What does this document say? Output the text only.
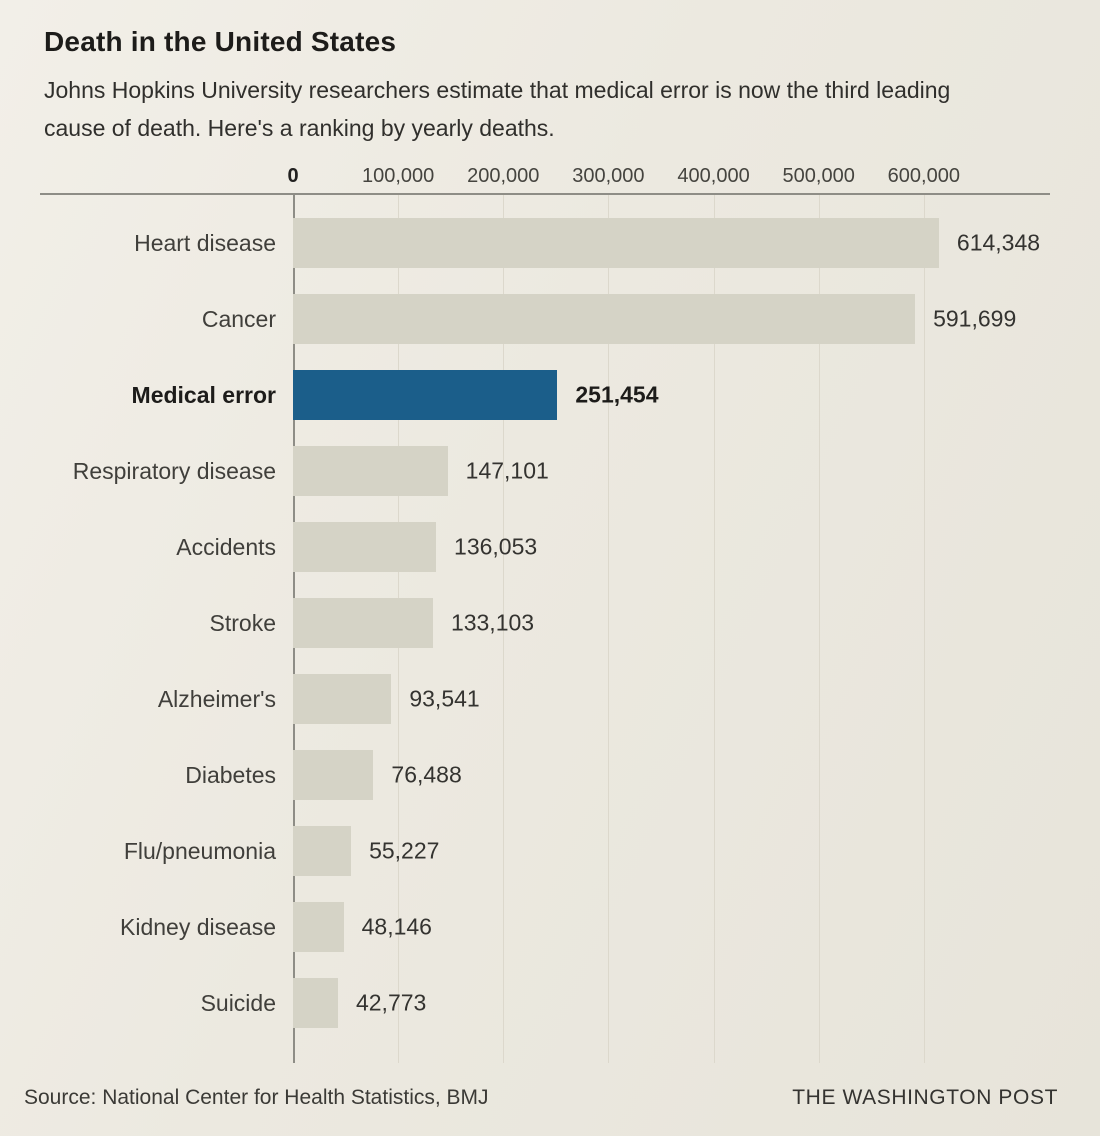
Death in the United States

Johns Hopkins University researchers estimate that medical error is now the third leading cause of death. Here's a ranking by yearly deaths.

0	100,000 200,000 300,000 400,000 500,000 600,000
Heart disease	614,348
Cancer	591,699
Medical error	251,454
Respiratory disease	147,101
Accidents	136,053
Stroke	133,103
Alzheimer's	93,541
Diabetes	76,488
Flu/pneumonia	55,227
Kidney disease	48,146
Suicide	42,773
Source: National Center for Health Statistics, BMJ	THE WASHINGTON POST
